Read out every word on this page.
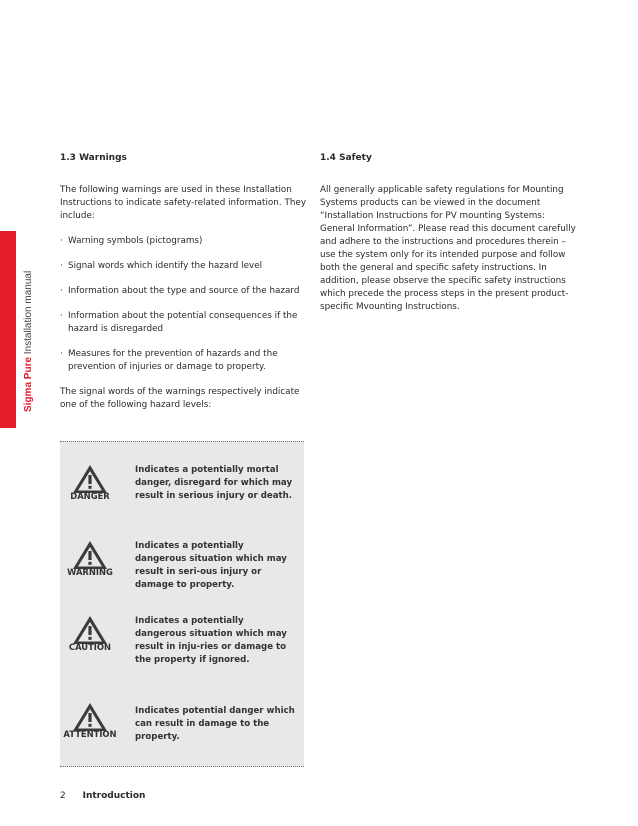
Sigma Pure Installation manual
1.3 Warnings

The following warnings are used in these Installation Instructions to indicate safety-related information. They include:

· Warning symbols (pictograms)
· Signal words which identify the hazard level
· Information about the type and source of the hazard
· Information about the potential consequences if the hazard is disregarded
· Measures for the prevention of hazards and the prevention of injuries or damage to property.

The signal words of the warnings respectively indicate one of the following hazard levels:

1.4 Safety

All generally applicable safety regulations for Mounting Systems products can be viewed in the document “Installation Instructions for PV mounting Systems: General Information”. Please read this document carefully and adhere to the instructions and procedures therein – use the system only for its intended purpose and follow both the general and specific safety instructions. In addition, please observe the specific safety instructions which precede the process steps in the present product-specific Mvounting Instructions.

DANGER
Indicates a potentially mortal danger, disregard for which may result in serious injury or death.
WARNING
Indicates a potentially dangerous situation which may result in seri-ous injury or damage to property.
CAUTION
Indicates a potentially dangerous situation which may result in inju-ries or damage to the property if ignored.
ATTENTION
Indicates potential danger which can result in damage to the property.
2 Introduction
